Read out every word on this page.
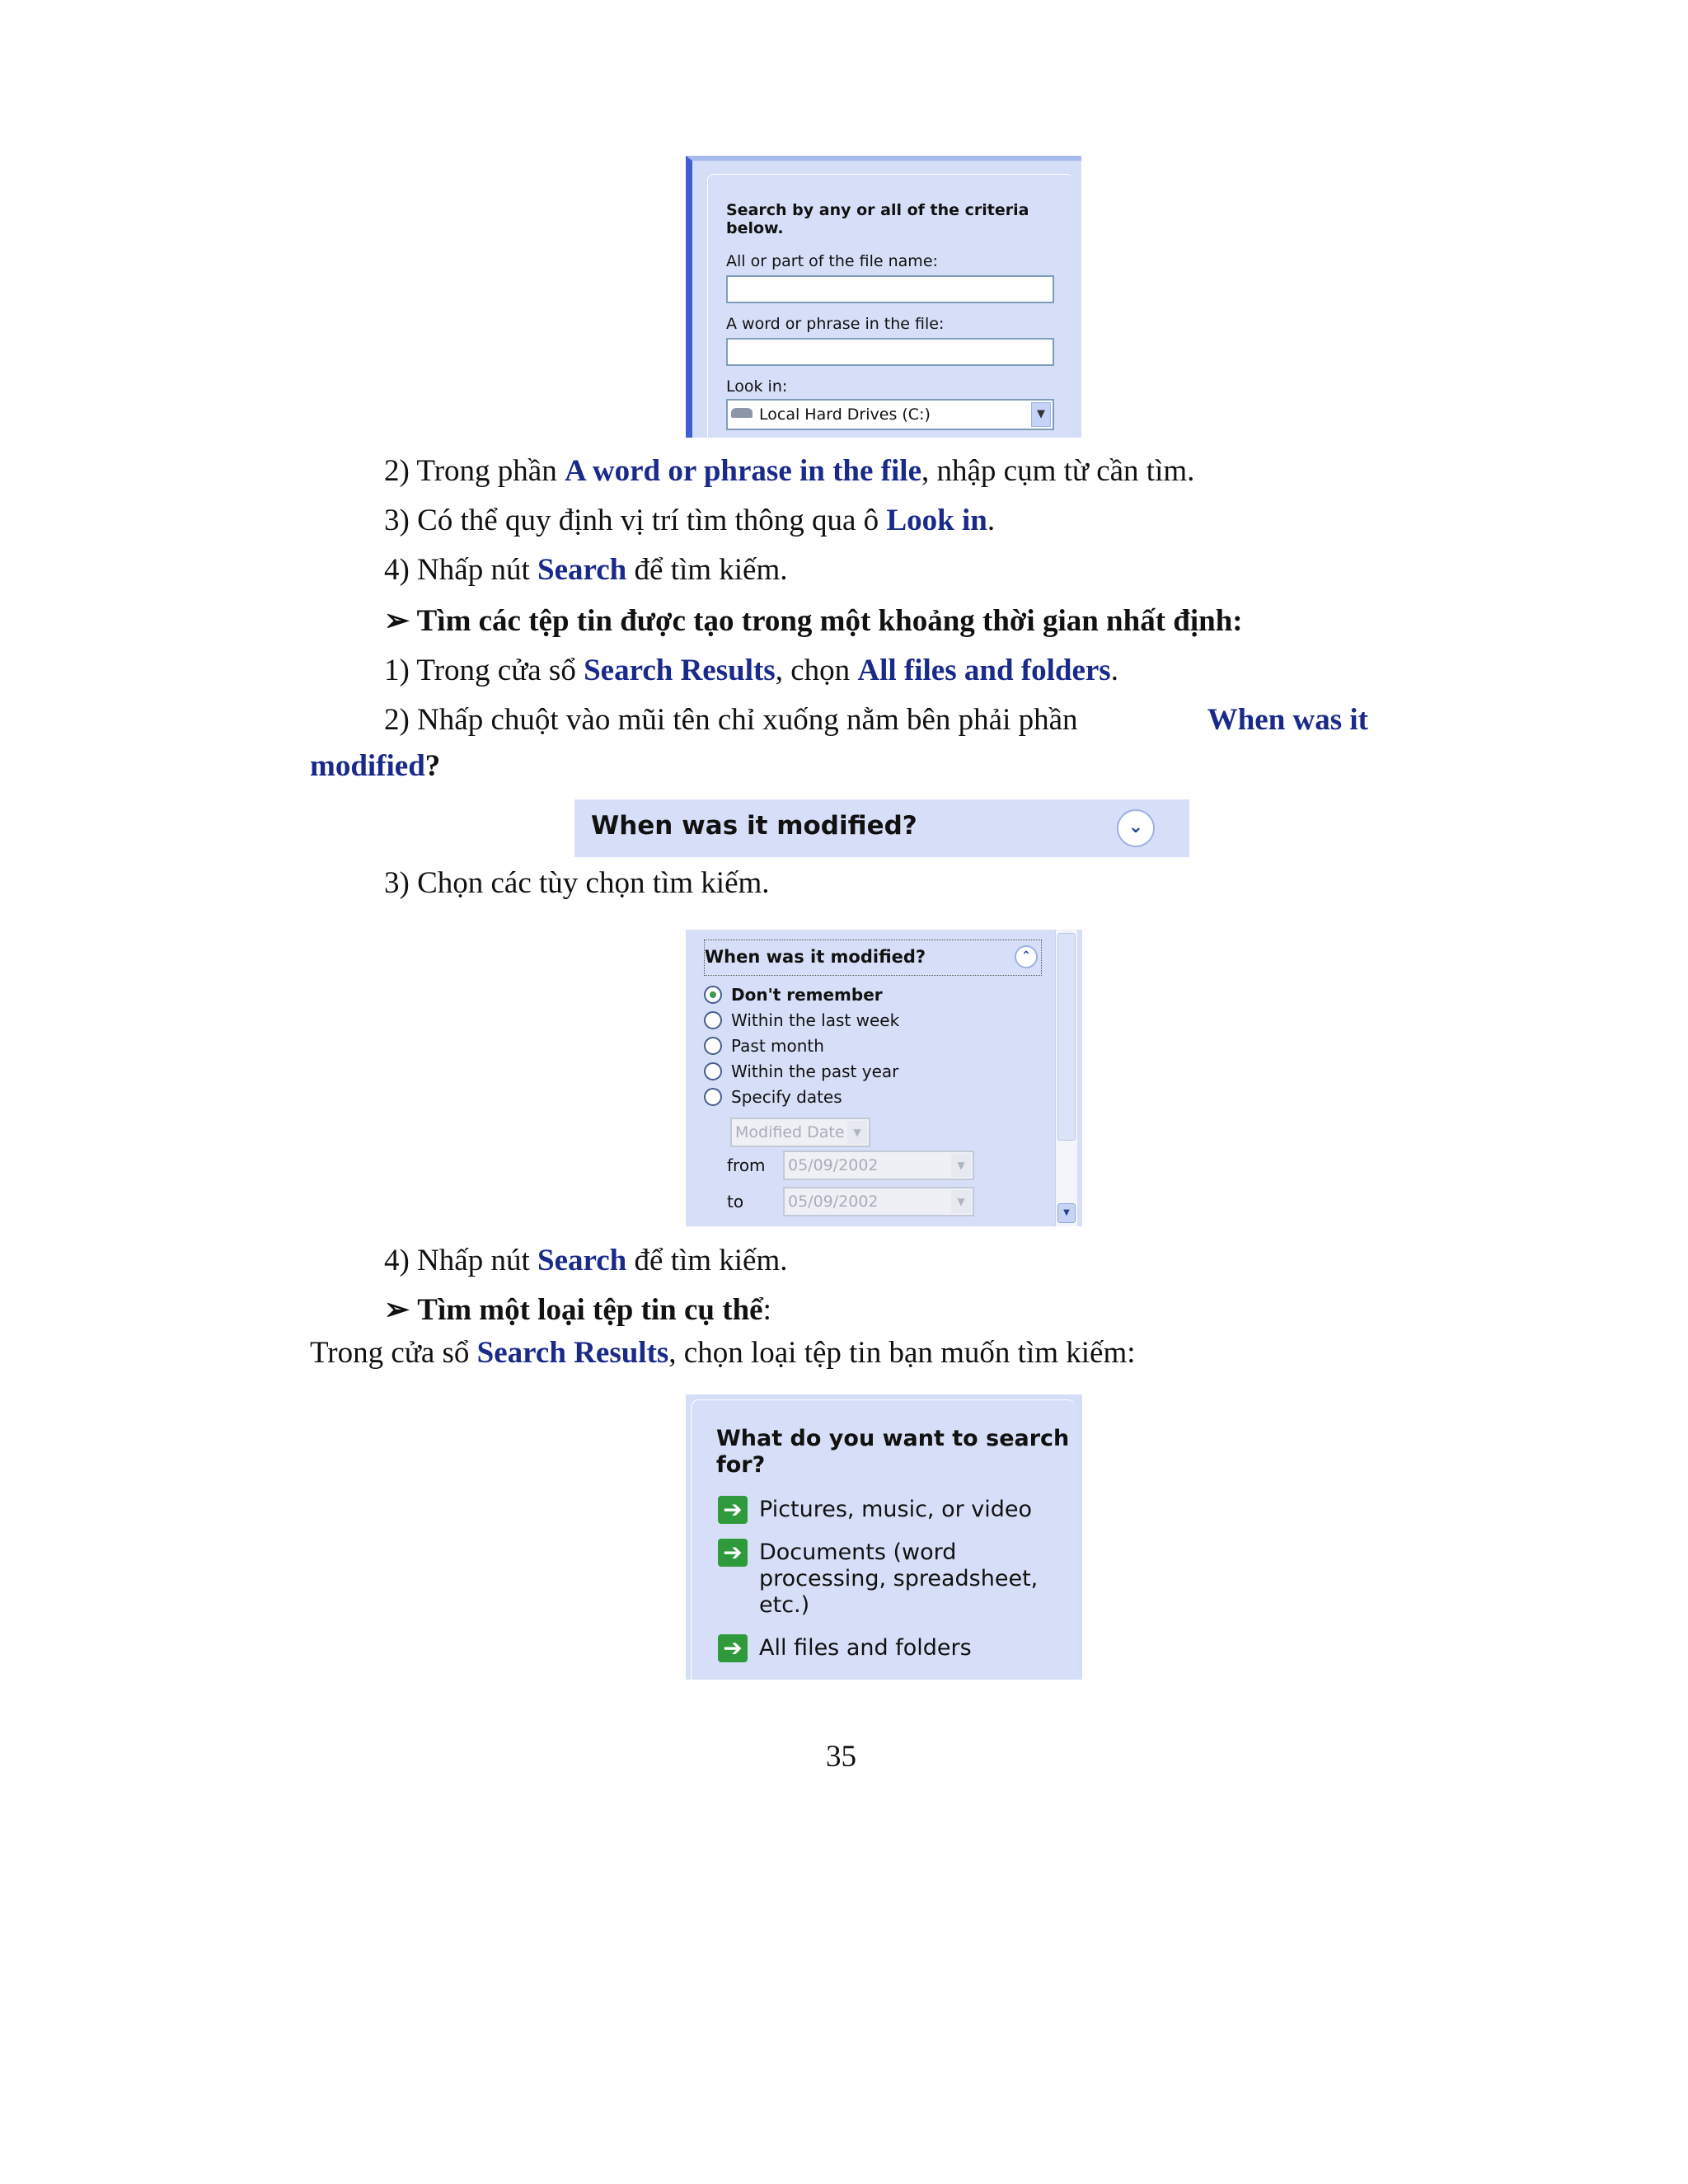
Search by any or all of the criteria
below.
All or part of the file name:
A word or phrase in the file:
Look in:
Local Hard Drives (C:)	▼
2) Trong phần A word or phrase in the file, nhập cụm từ cần tìm.
3) Có thể quy định vị trí tìm thông qua ô Look in.
4) Nhấp nút Search để tìm kiếm.
➢ Tìm các tệp tin được tạo trong một khoảng thời gian nhất định:
1) Trong cửa sổ Search Results, chọn All files and folders.
2) Nhấp chuột vào mũi tên chỉ xuống nằm bên phải phần	When was it
modified?
When was it modified?	⌄
3) Chọn các tùy chọn tìm kiếm.
When was it modified?	⌃
Don't remember
Within the last week
Past month
Within the past year
Specify dates
Modified Date ▼
from	05/09/2002	▼
to	05/09/2002	▼
▼
4) Nhấp nút Search để tìm kiếm.
➢ Tìm một loại tệp tin cụ thể:
Trong cửa sổ Search Results, chọn loại tệp tin bạn muốn tìm kiếm:
What do you want to search
for?
➔ Pictures, music, or video
➔ Documents (word
processing, spreadsheet,
etc.)
➔ All files and folders
35
